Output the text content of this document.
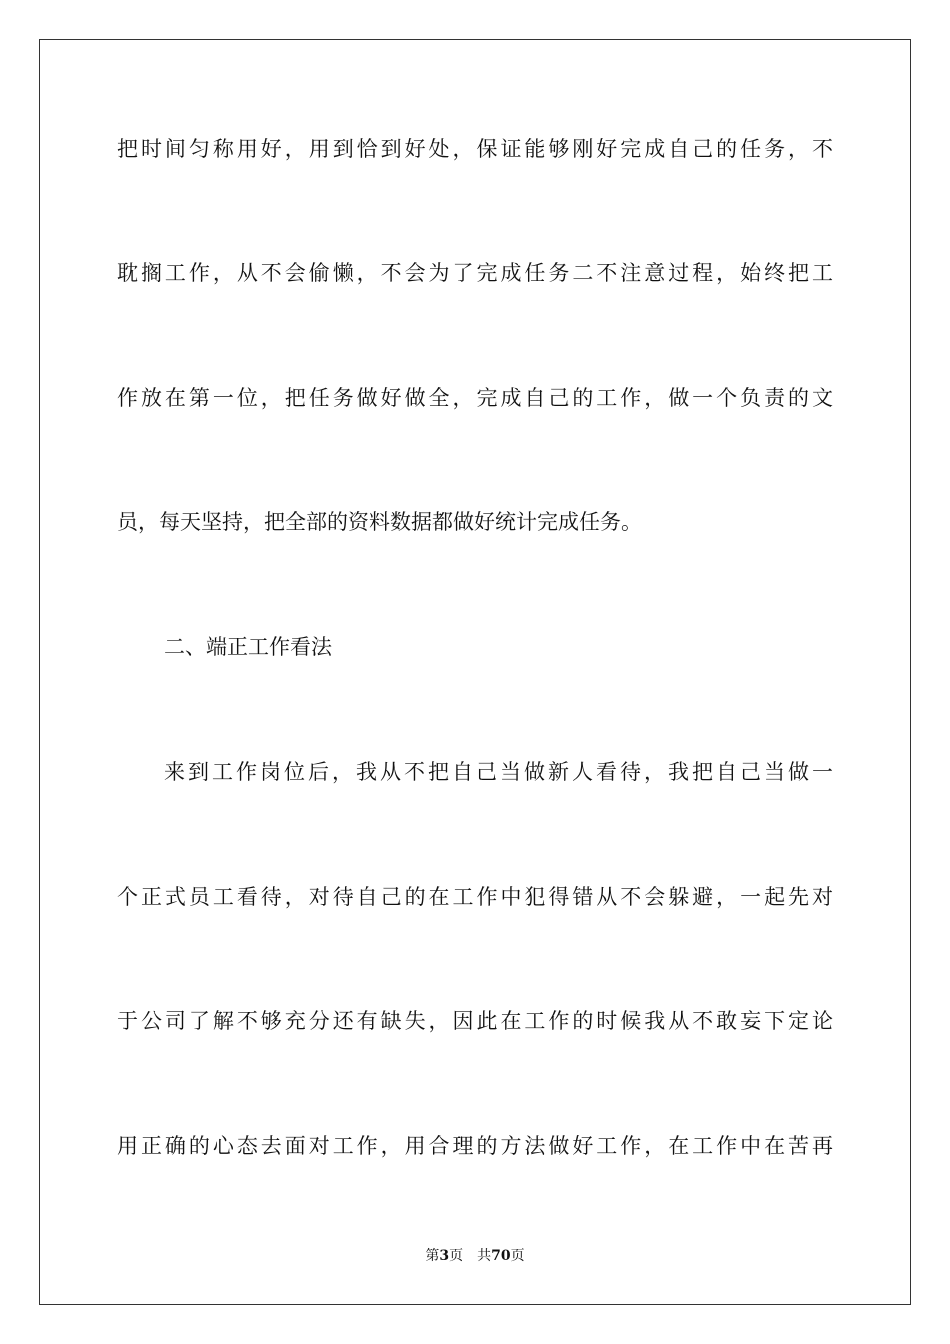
把时间匀称用好，用到恰到好处，保证能够刚好完成自己的任务，不
耽搁工作，从不会偷懒，不会为了完成任务二不注意过程，始终把工
作放在第一位，把任务做好做全，完成自己的工作，做一个负责的文
员，每天坚持，把全部的资料数据都做好统计完成任务。
二、端正工作看法
来到工作岗位后，我从不把自己当做新人看待，我把自己当做一
个正式员工看待，对待自己的在工作中犯得错从不会躲避，一起先对
于公司了解不够充分还有缺失，因此在工作的时候我从不敢妄下定论
用正确的心态去面对工作，用合理的方法做好工作，在工作中在苦再
第3页 共70页
